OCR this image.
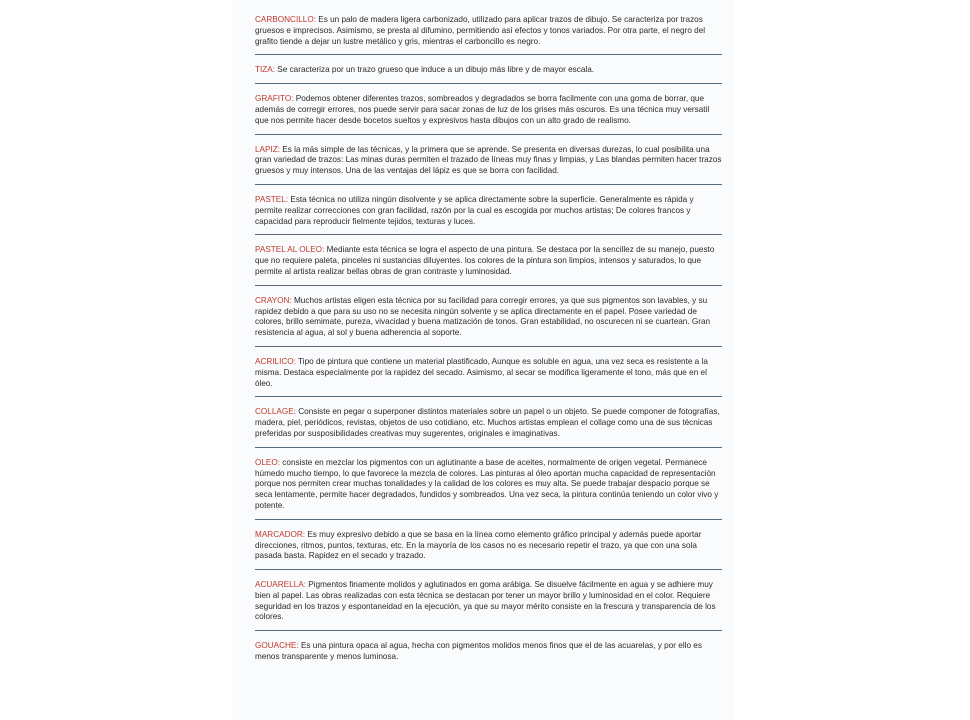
CARBONCILLO: Es un palo de madera ligera carbonizado, utilizado para aplicar trazos de dibujo. Se caracteriza por trazos gruesos e imprecisos. Asimismo, se presta al difumino, permitiendo así efectos y tonos variados. Por otra parte, el negro del grafito tiende a dejar un lustre metálico y gris, mientras el carboncillo es negro.
TIZA: Se caracteriza por un trazo grueso que induce a un dibujo más libre y de mayor escala.
GRAFITO: Podemos obtener diferentes trazos, sombreados y degradados se borra facilmente con una goma de borrar, que además de corregir errores, nos puede servir para sacar zonas de luz de los grises más oscuros. Es una técnica muy versatil que nos permite hacer desde bocetos sueltos y expresivos hasta dibujos con un alto grado de realismo.
LAPIZ: Es la más simple de las técnicas, y la primera que se aprende. Se presenta en diversas durezas, lo cual posibilita una gran variedad de trazos: Las minas duras permiten el trazado de líneas muy finas y limpias, y Las blandas permiten hacer trazos gruesos y muy intensos. Una de las ventajas del lápiz es que se borra con facilidad.
PASTEL: Esta técnica no utiliza ningún disolvente y se aplica directamente sobre la superficie. Generalmente es rápida y permite realizar correcciones con gran facilidad, razón por la cual es escogida por muchos artistas; De colores francos y capacidad para reproducir fielmente tejidos, texturas y luces.
PASTEL AL OLEO: Mediante esta técnica se logra el aspecto de una pintura. Se destaca por la sencillez de su manejo, puesto que no requiere paleta, pinceles ni sustancias diluyentes. los colores de la pintura son limpios, intensos y saturados, lo que permite al artista realizar bellas obras de gran contraste y luminosidad.
CRAYON: Muchos artistas eligen esta técnica por su facilidad para corregir errores, ya que sus pigmentos son lavables, y su rapidez debido a que para su uso no se necesita ningún solvente y se aplica directamente en el papel. Posee variedad de colores, brillo semimate, pureza, vivacidad y buena matización de tonos. Gran estabilidad, no oscurecen ni se cuartean. Gran resistencia al agua, al sol y buena adherencia al soporte.
ACRILICO: Tipo de pintura que contiene un material plastificado, Aunque es soluble en agua, una vez seca es resistente a la misma. Destaca especialmente por la rapidez del secado. Asimismo, al secar se modifica ligeramente el tono, más que en el óleo.
COLLAGE: Consiste en pegar o superponer distintos materiales sobre un papel o un objeto. Se puede componer de fotografías, madera, piel, periódicos, revistas, objetos de uso cotidiano, etc. Muchos artistas emplean el collage como una de sus técnicas preferidas por susposibilidades creativas muy sugerentes, originales e imaginativas.
OLEO: consiste en mezclar los pigmentos con un aglutinante a base de aceites, normalmente de origen vegetal. Permanece húmedo mucho tiempo, lo que favorece la mezcla de colores. Las pinturas al óleo aportan mucha capacidad de representación porque nos permiten crear muchas tonalidades y la calidad de los colores es muy alta. Se puede trabajar despacio porque se seca lentamente, permite hacer degradados, fundidos y sombreados. Una vez seca, la pintura continúa teniendo un color vivo y potente.
MARCADOR: Es muy expresivo debido a que se basa en la línea como elemento gráfico principal y además puede aportar direcciones, ritmos, puntos, texturas, etc. En la mayoría de los casos no es necesario repetir el trazo, ya que con una sola pasada basta. Rapidez en el secado y trazado.
ACUARELLA: Pigmentos finamente molidos y aglutinados en goma arábiga. Se disuelve fácilmente en agua y se adhiere muy bien al papel. Las obras realizadas con esta técnica se destacan por tener un mayor brillo y luminosidad en el color. Requiere seguridad en los trazos y espontaneidad en la ejecución, ya que su mayor mérito consiste en la frescura y transparencia de los colores.
GOUACHE: Es una pintura opaca al agua, hecha con pigmentos molidos menos finos que el de las acuarelas, y por ello es menos transparente y menos luminosa.
